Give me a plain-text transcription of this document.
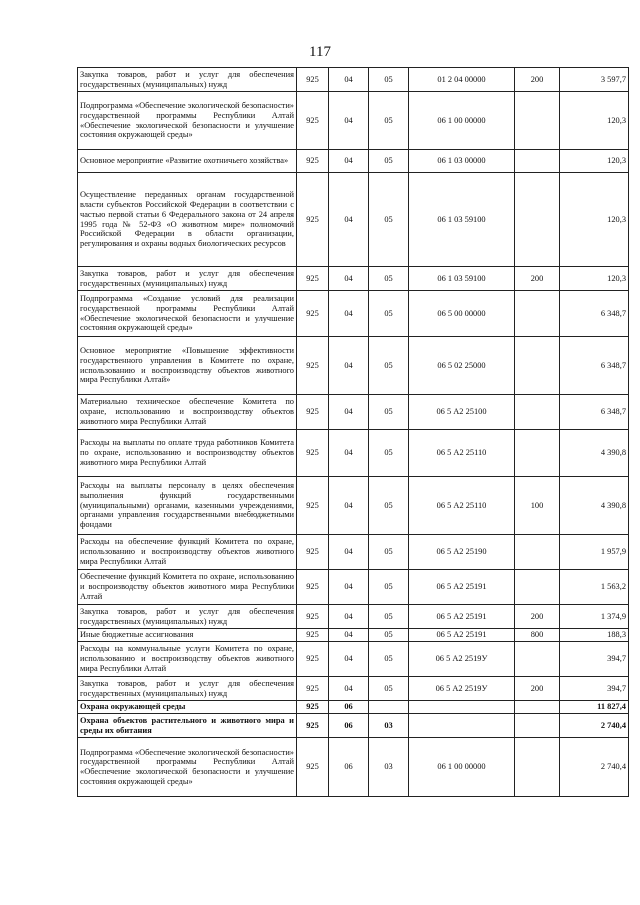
117
Закупка товаров, работ и услуг для обеспечения государственных (муниципальных) нужд	925	04	05	01 2 04 00000	200	3 597,7
Подпрограмма «Обеспечение экологической безопасности» государственной программы Республики Алтай «Обеспечение экологической безопасности и улучшение состояния окружающей среды»	925	04	05	06 1 00 00000		120,3
Основное мероприятие «Развитие охотничьего хозяйства»	925	04	05	06 1 03 00000		120,3
Осуществление переданных органам государственной власти субъектов Российской Федерации в соответствии с частью первой статьи 6 Федерального закона от 24 апреля 1995 года № 52-ФЗ «О животном мире» полномочий Российской Федерации в области организации, регулирования и охраны водных биологических ресурсов	925	04	05	06 1 03 59100		120,3
Закупка товаров, работ и услуг для обеспечения государственных (муниципальных) нужд	925	04	05	06 1 03 59100	200	120,3
Подпрограмма «Создание условий для реализации государственной программы Республики Алтай «Обеспечение экологической безопасности и улучшение состояния окружающей среды»	925	04	05	06 5 00 00000		6 348,7
Основное мероприятие «Повышение эффективности государственного управления в Комитете по охране, использованию и воспроизводству объектов животного мира Республики Алтай»	925	04	05	06 5 02 25000		6 348,7
Материально техническое обеспечение Комитета по охране, использованию и воспроизводству объектов животного мира Республики Алтай	925	04	05	06 5 А2 25100		6 348,7
Расходы на выплаты по оплате труда работников Комитета по охране, использованию и воспроизводству объектов животного мира Республики Алтай	925	04	05	06 5 А2 25110		4 390,8
Расходы на выплаты персоналу в целях обеспечения выполнения функций государственными (муниципальными) органами, казенными учреждениями, органами управления государственными внебюджетными фондами	925	04	05	06 5 А2 25110	100	4 390,8
Расходы на обеспечение функций Комитета по охране, использованию и воспроизводству объектов животного мира Республики Алтай	925	04	05	06 5 А2 25190		1 957,9
Обеспечение функций Комитета по охране, использованию и воспроизводству объектов животного мира Республики Алтай	925	04	05	06 5 А2 25191		1 563,2
Закупка товаров, работ и услуг для обеспечения государственных (муниципальных) нужд	925	04	05	06 5 А2 25191	200	1 374,9
Иные бюджетные ассигнования	925	04	05	06 5 А2 25191	800	188,3
Расходы на коммунальные услуги Комитета по охране, использованию и воспроизводству объектов животного мира Республики Алтай	925	04	05	06 5 А2 2519У		394,7
Закупка товаров, работ и услуг для обеспечения государственных (муниципальных) нужд	925	04	05	06 5 А2 2519У	200	394,7
Охрана окружающей среды	925	06				11 827,4
Охрана объектов растительного и животного мира и среды их обитания	925	06	03			2 740,4
Подпрограмма «Обеспечение экологической безопасности» государственной программы Республики Алтай «Обеспечение экологической безопасности и улучшение состояния окружающей среды»	925	06	03	06 1 00 00000		2 740,4
